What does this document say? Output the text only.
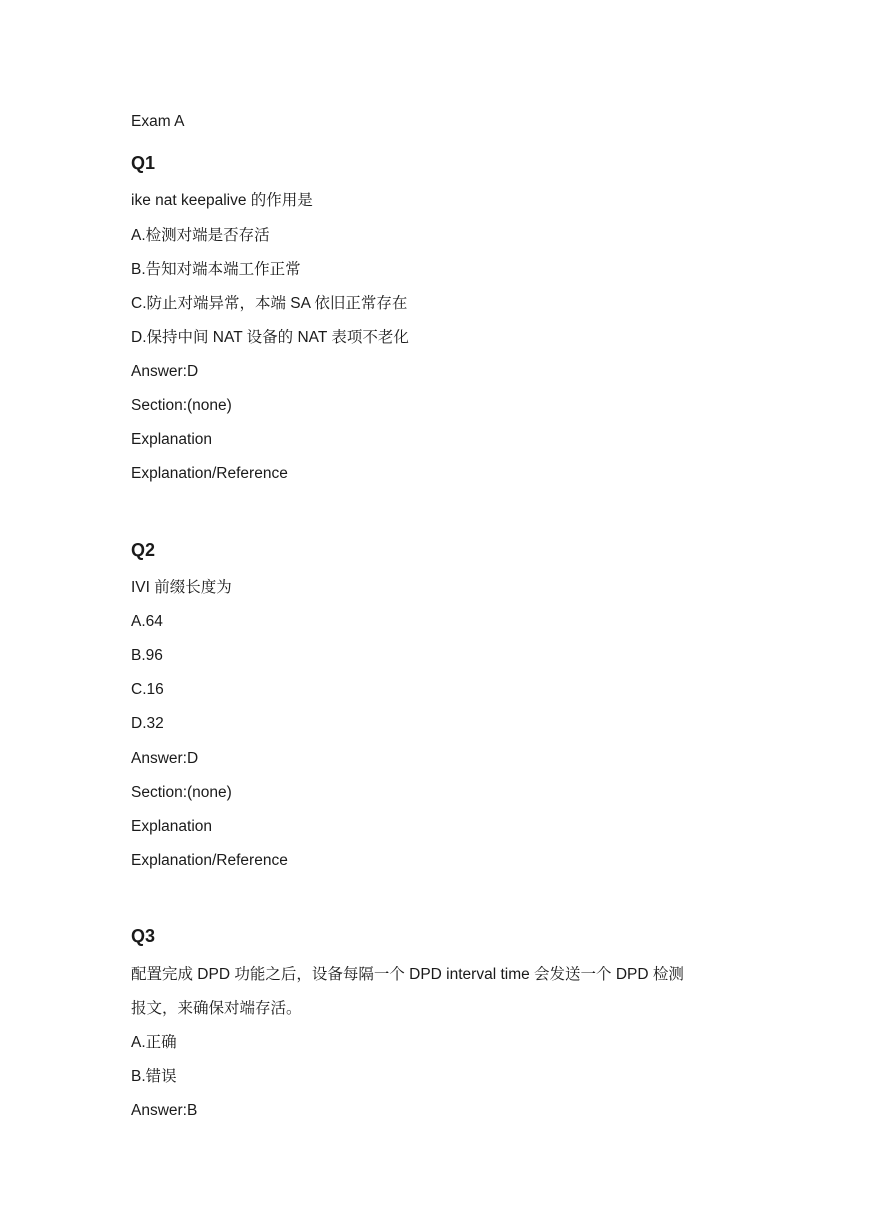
Exam A
Q1
ike nat keepalive 的作用是
A.检测对端是否存活
B.告知对端本端工作正常
C.防止对端异常，本端 SA 依旧正常存在
D.保持中间 NAT 设备的 NAT 表项不老化
Answer:D
Section:(none)
Explanation
Explanation/Reference
Q2
IVI 前缀长度为
A.64
B.96
C.16
D.32
Answer:D
Section:(none)
Explanation
Explanation/Reference
Q3
配置完成 DPD 功能之后，设备每隔一个 DPD interval time 会发送一个 DPD 检测
报文，来确保对端存活。
A.正确
B.错误
Answer:B
